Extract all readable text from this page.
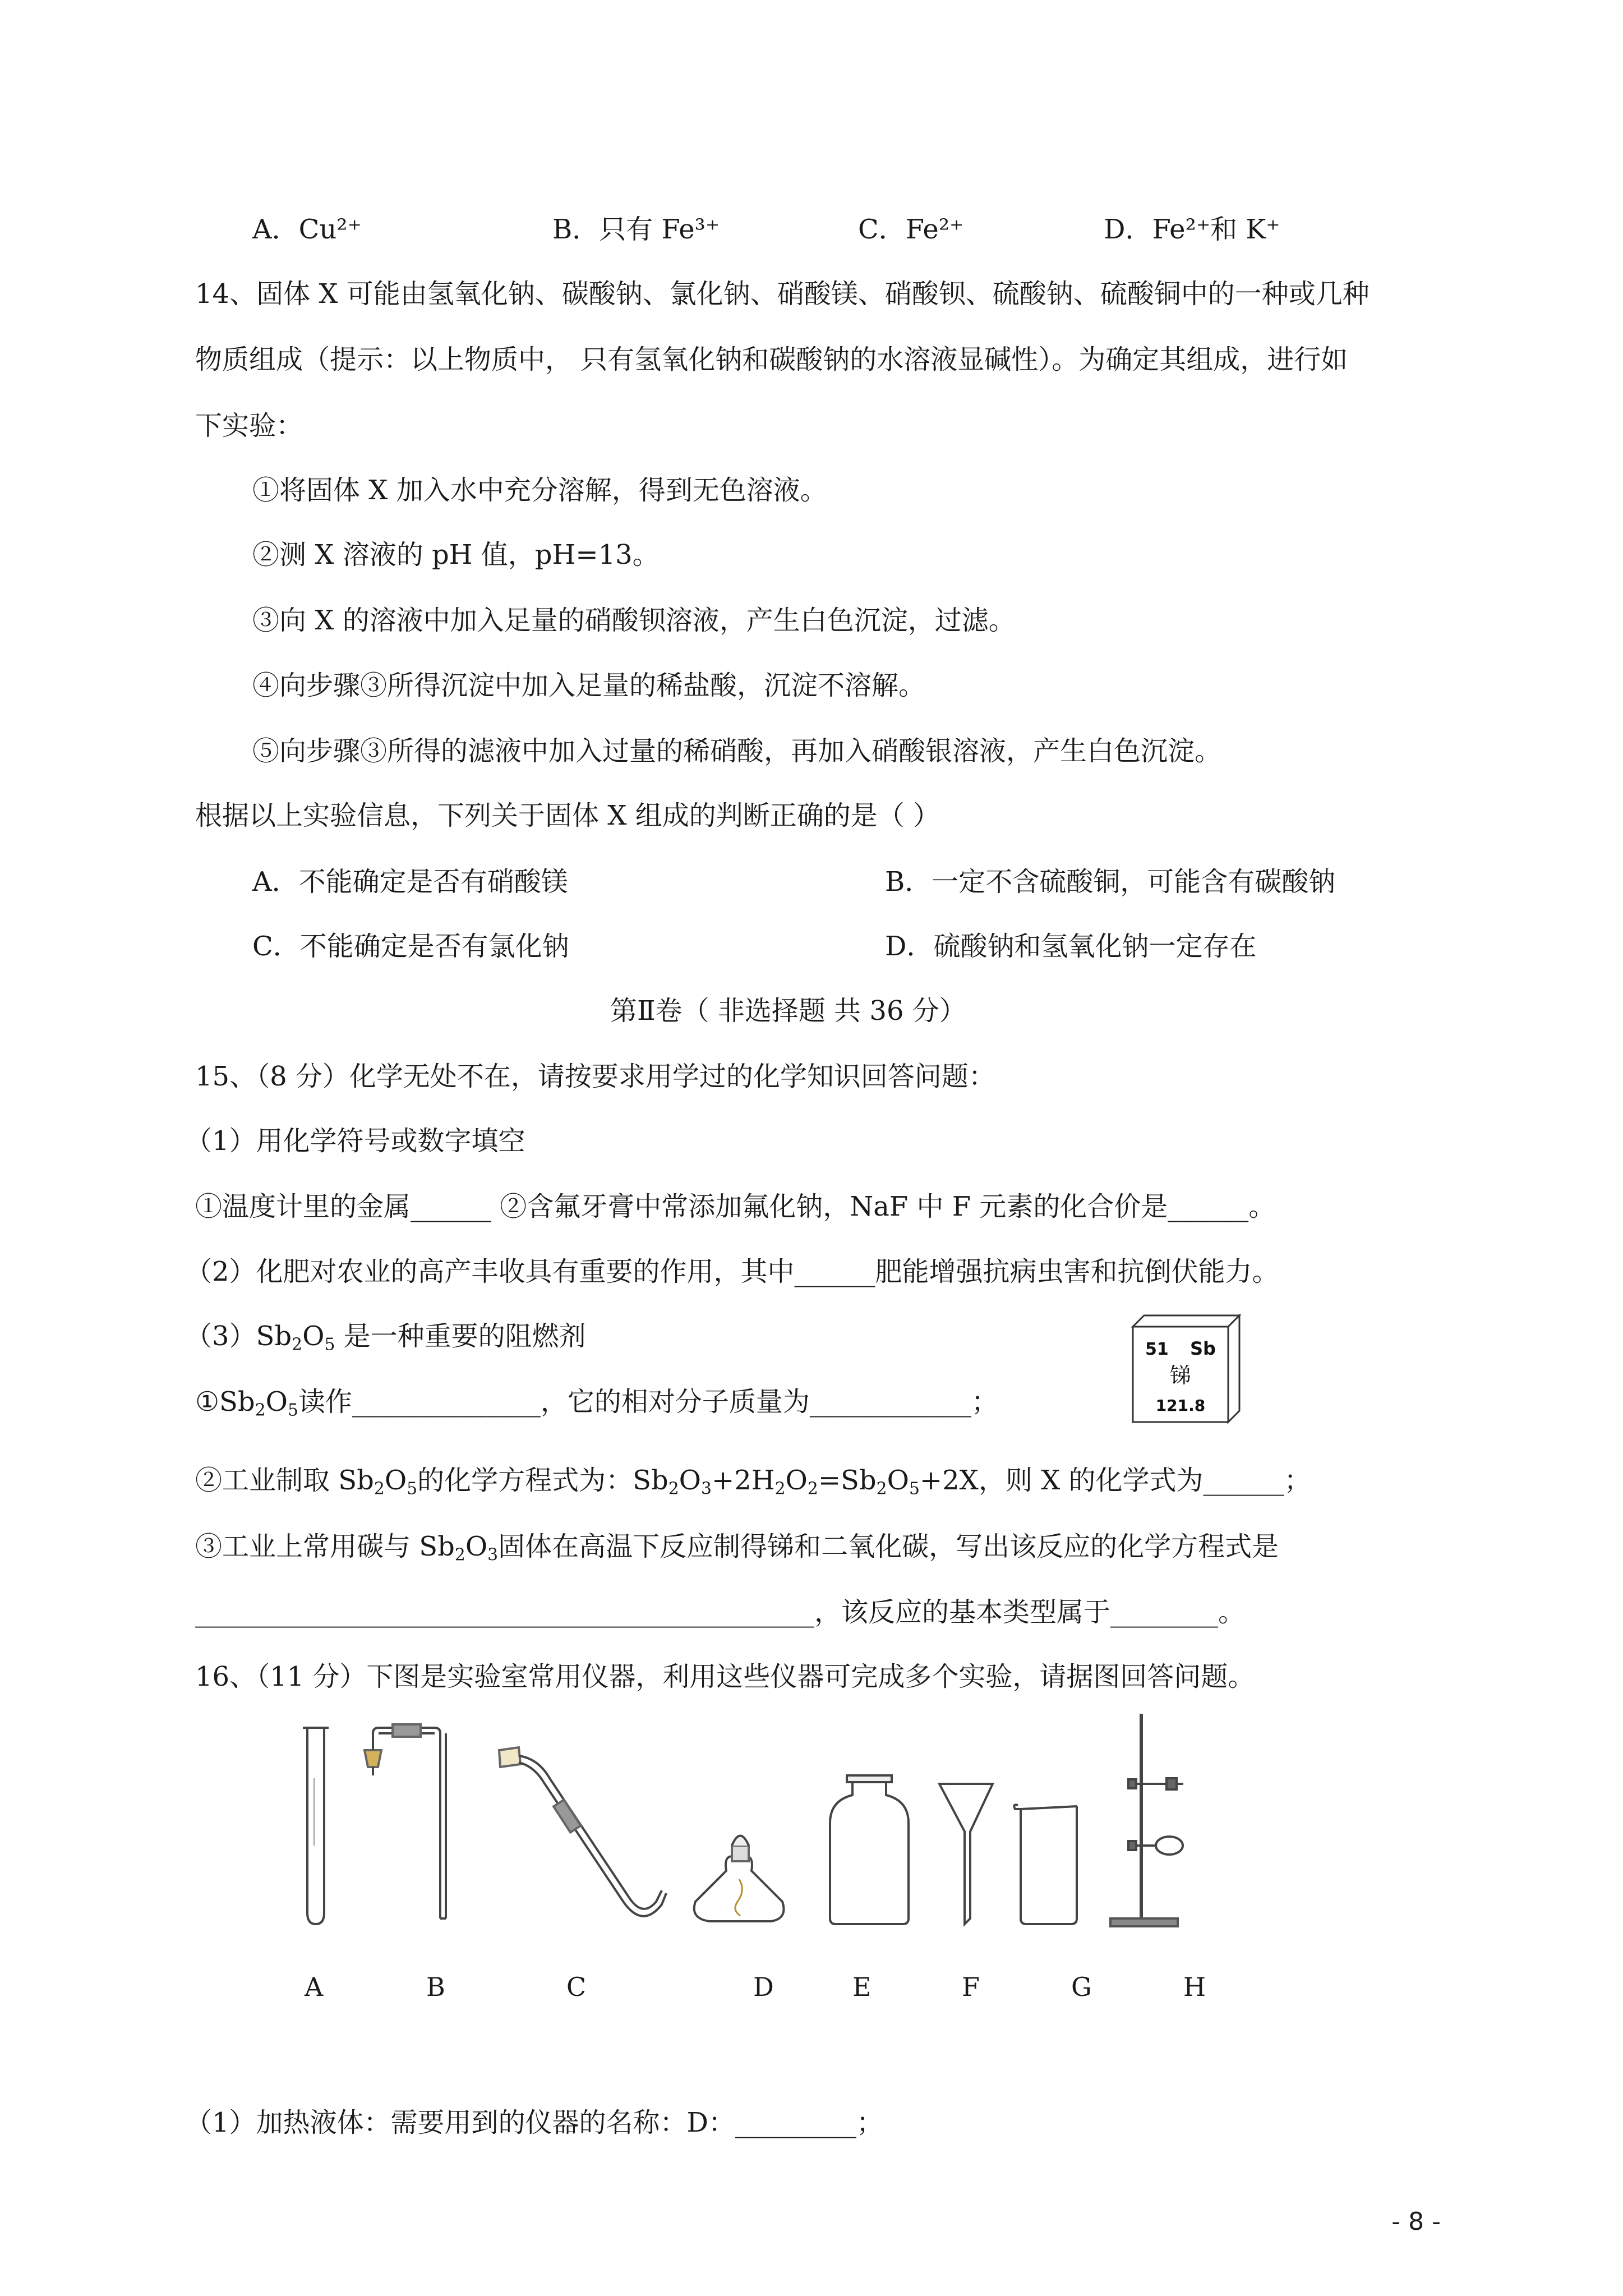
A．Cu²⁺	B．只有 Fe³⁺	C．Fe²⁺	D．Fe²⁺和 K⁺
14、固体 X 可能由氢氧化钠、碳酸钠、氯化钠、硝酸镁、硝酸钡、硫酸钠、硫酸铜中的一种或几种
物质组成（提示：以上物质中， 只有氢氧化钠和碳酸钠的水溶液显碱性）。为确定其组成，进行如
下实验：
①将固体 X 加入水中充分溶解，得到无色溶液。
②测 X 溶液的 pH 值，pH=13。
③向 X 的溶液中加入足量的硝酸钡溶液，产生白色沉淀，过滤。
④向步骤③所得沉淀中加入足量的稀盐酸，沉淀不溶解。
⑤向步骤③所得的滤液中加入过量的稀硝酸，再加入硝酸银溶液，产生白色沉淀。
根据以上实验信息，下列关于固体 X 组成的判断正确的是（ ）
A．不能确定是否有硝酸镁	B．一定不含硫酸铜，可能含有碳酸钠
C．不能确定是否有氯化钠	D．硫酸钠和氢氧化钠一定存在
第Ⅱ卷（ 非选择题 共 36 分）
15、（8 分）化学无处不在，请按要求用学过的化学知识回答问题：
（1）用化学符号或数字填空
①温度计里的金属______ ②含氟牙膏中常添加氟化钠，NaF 中 F 元素的化合价是______。
（2）化肥对农业的高产丰收具有重要的作用，其中______肥能增强抗病虫害和抗倒伏能力。
$(3)Sb_2O_5$ 是一种重要的阻燃剂
$①Sb_2O_5$读作______________，它的相对分子质量为____________；
②工业制取 $Sb_2O_5$的化学方程式为：$Sb_2O_3+2H_2O_2=Sb_2O_5+2X$，则 X 的化学式为______；
③工业上常用碳与 $Sb_2O_3$固体在高温下反应制得锑和二氧化碳，写出该反应的化学方程式是
______________________________________________，该反应的基本类型属于________。
51 Sb
锑
121.8
16、（11 分）下图是实验室常用仪器，利用这些仪器可完成多个实验，请据图回答问题。
A	B	C	D	E	F	G	H
（1）加热液体：需要用到的仪器的名称：D：_________；
- 8 -
